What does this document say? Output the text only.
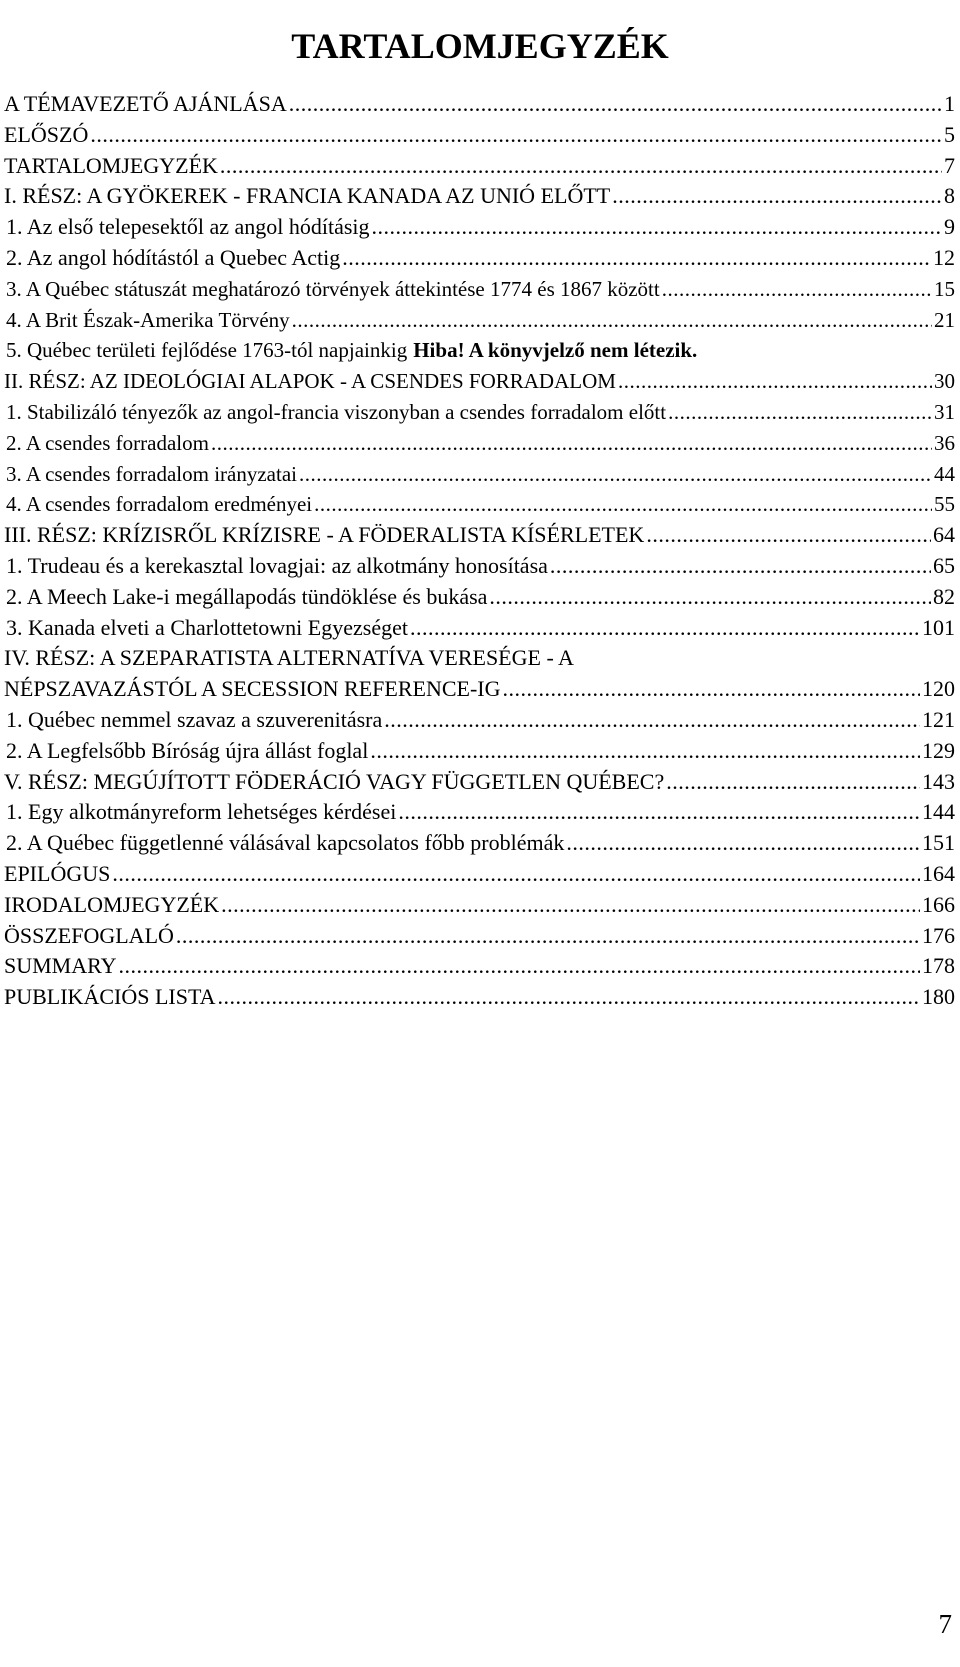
TARTALOMJEGYZÉK
A TÉMAVEZETŐ AJÁNLÁSA .....	1
ELŐSZÓ .....	5
TARTALOMJEGYZÉK .....	7
I. RÉSZ: A GYÖKEREK - FRANCIA KANADA AZ UNIÓ ELŐTT .....	8
1. Az első telepesektől az angol hódításig .....	9
2. Az angol hódítástól a Quebec Actig .....	12
3. A Québec státuszát meghatározó törvények áttekintése 1774 és 1867 között .....	15
4. A Brit Észak-Amerika Törvény .....	21
5. Québec területi fejlődése 1763-tól napjainkig Hiba! A könyvjelző nem létezik.
II. RÉSZ: AZ IDEOLÓGIAI ALAPOK - A CSENDES FORRADALOM .....	30
1. Stabilizáló tényezők az angol-francia viszonyban a csendes forradalom előtt .....	31
2. A csendes forradalom .....	36
3. A csendes forradalom irányzatai .....	44
4. A csendes forradalom eredményei .....	55
III. RÉSZ: KRÍZISRŐL KRÍZISRE - A FÖDERALISTA KÍSÉRLETEK .....	64
1. Trudeau és a kerekasztal lovagjai: az alkotmány honosítása .....	65
2. A Meech Lake-i megállapodás tündöklése és bukása .....	82
3. Kanada elveti a Charlottetowni Egyezséget .....	101
IV. RÉSZ: A SZEPARATISTA ALTERNATÍVA VERESÉGE - A
NÉPSZAVAZÁSTÓL A SECESSION REFERENCE-IG .....	120
1. Québec nemmel szavaz a szuverenitásra .....	121
2. A Legfelsőbb Bíróság újra állást foglal .....	129
V. RÉSZ: MEGÚJÍTOTT FÖDERÁCIÓ VAGY FÜGGETLEN QUÉBEC? .....	143
1. Egy alkotmányreform lehetséges kérdései .....	144
2. A Québec függetlenné válásával kapcsolatos főbb problémák .....	151
EPILÓGUS .....	164
IRODALOMJEGYZÉK .....	166
ÖSSZEFOGLALÓ .....	176
SUMMARY .....	178
PUBLIKÁCIÓS LISTA .....	180
7
